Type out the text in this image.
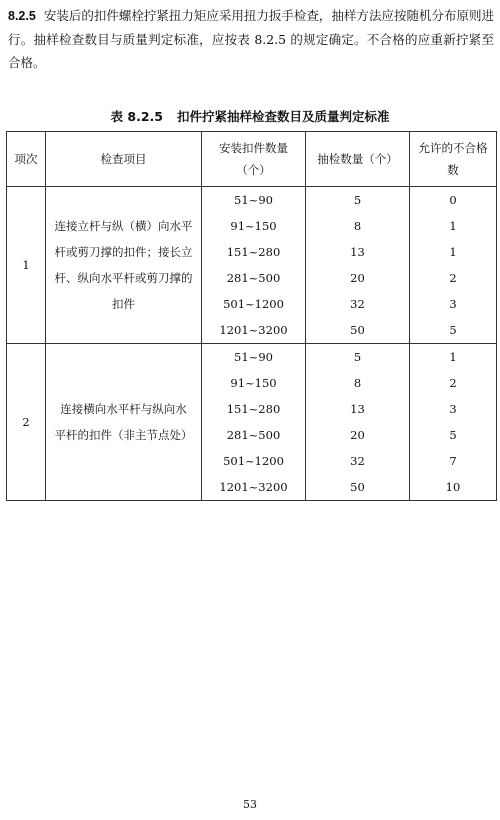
8.2.5 安装后的扣件螺栓拧紧扭力矩应采用扭力扳手检查，抽样方法应按随机分布原则进行。抽样检查数目与质量判定标准，应按表 8.2.5 的规定确定。不合格的应重新拧紧至合格。

表 8.2.5 扣件拧紧抽样检查数目及质量判定标准
项次	检查项目	安装扣件数量
（个）	抽检数量（个）	允许的不合格
数

1	连接立杆与纵（横）向水平
杆或剪刀撑的扣件；接长立
杆、纵向水平杆或剪刀撑的
扣件	51~90	5	0
		91~150	8	1
		151~280	13	1
		281~500	20	2
		501~1200	32	3
		1201~3200	50	5
2	连接横向水平杆与纵向水
平杆的扣件（非主节点处）	51~90	5	1
		91~150	8	2
		151~280	13	3
		281~500	20	5
		501~1200	32	7
		1201~3200	50	10
53
